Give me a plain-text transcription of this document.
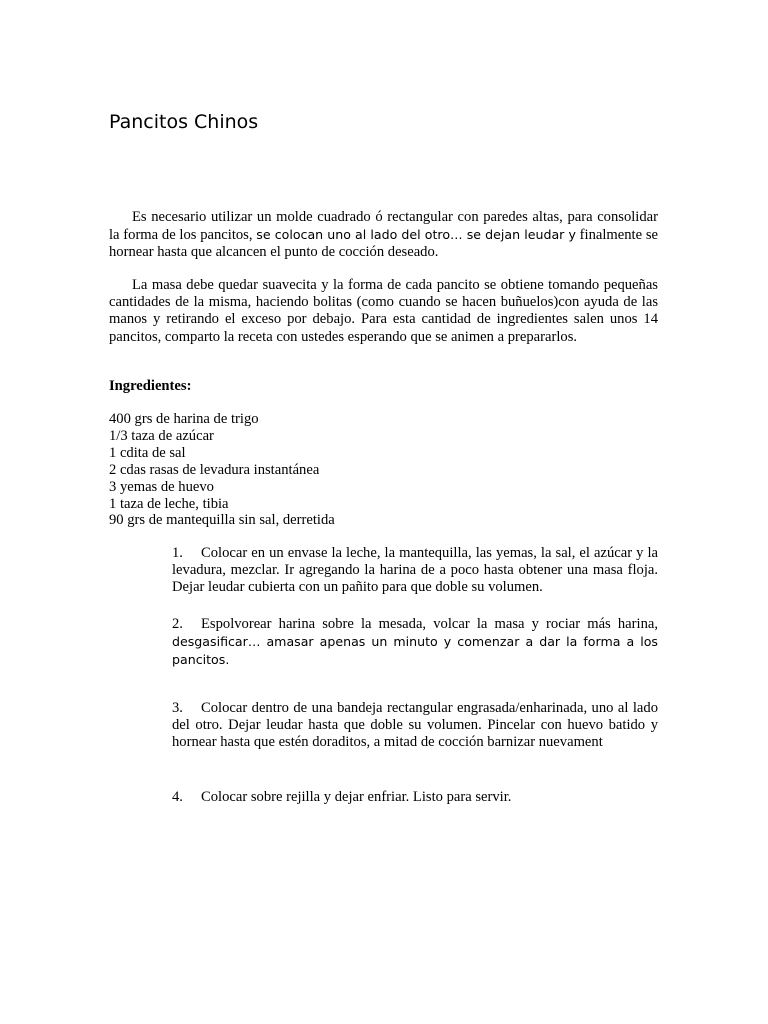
Pancitos Chinos

Es necesario utilizar un molde cuadrado ó rectangular con paredes altas, para consolidar la forma de los pancitos, se colocan uno al lado del otro… se dejan leudar y finalmente se hornear hasta que alcancen el punto de cocción deseado.

La masa debe quedar suavecita y la forma de cada pancito se obtiene tomando pequeñas cantidades de la misma, haciendo bolitas (como cuando se hacen buñuelos)con ayuda de las manos y retirando el exceso por debajo. Para esta cantidad de ingredientes salen unos 14 pancitos, comparto la receta con ustedes esperando que se animen a prepararlos.

Ingredientes:

400 grs de harina de trigo
1/3 taza de azúcar
1 cdita de sal
2 cdas rasas de levadura instantánea
3 yemas de huevo
1 taza de leche, tibia
90 grs de mantequilla sin sal, derretida

1. Colocar en un envase la leche, la mantequilla, las yemas, la sal, el azúcar y la levadura, mezclar. Ir agregando la harina de a poco hasta obtener una masa floja. Dejar leudar cubierta con un pañito para que doble su volumen.

2. Espolvorear harina sobre la mesada, volcar la masa y rociar más harina, desgasificar… amasar apenas un minuto y comenzar a dar la forma a los pancitos.

3. Colocar dentro de una bandeja rectangular engrasada/enharinada, uno al lado del otro. Dejar leudar hasta que doble su volumen. Pincelar con huevo batido y hornear hasta que estén doraditos, a mitad de cocción barnizar nuevament

4. Colocar sobre rejilla y dejar enfriar. Listo para servir.
